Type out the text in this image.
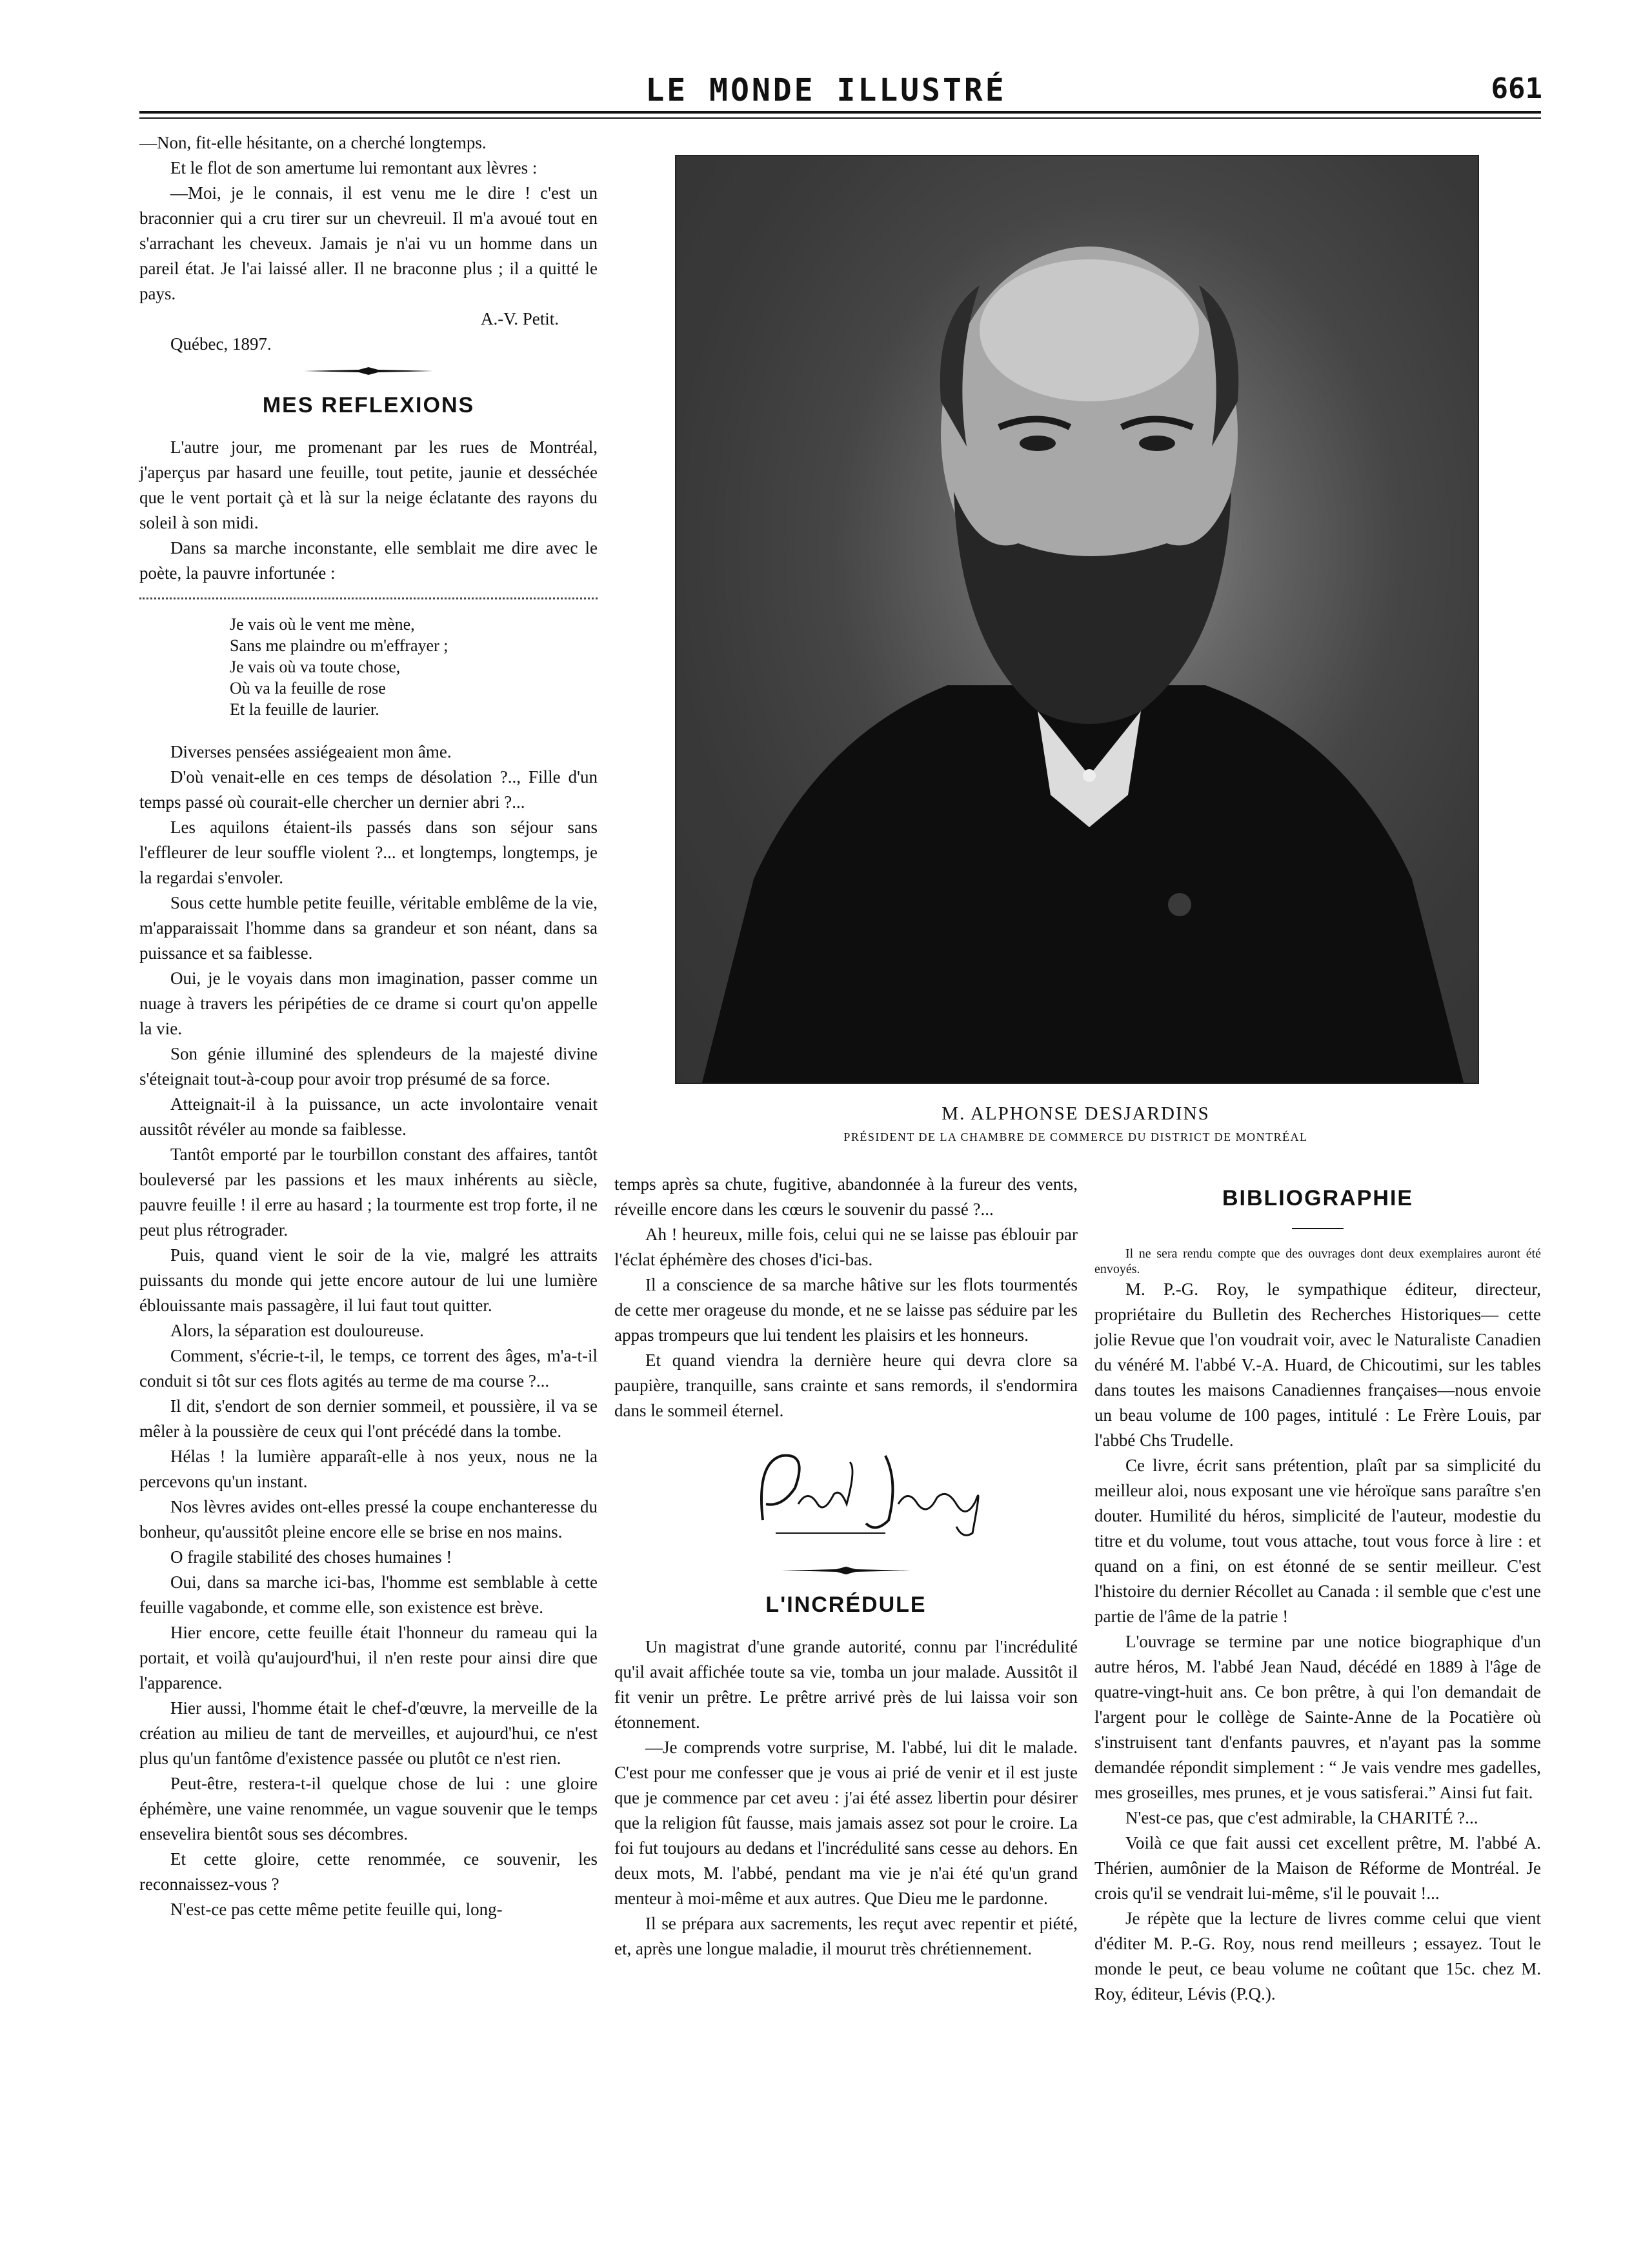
LE MONDE ILLUSTRÉ	661

—Non, fit-elle hésitante, on a cherché longtemps.

Et le flot de son amertume lui remontant aux lèvres :

—Moi, je le connais, il est venu me le dire ! c'est un braconnier qui a cru tirer sur un chevreuil. Il m'a avoué tout en s'arrachant les cheveux. Jamais je n'ai vu un homme dans un pareil état. Je l'ai laissé aller. Il ne braconne plus ; il a quitté le pays.

A.-V. Petit.

Québec, 1897.

MES REFLEXIONS

L'autre jour, me promenant par les rues de Montréal, j'aperçus par hasard une feuille, tout petite, jaunie et desséchée que le vent portait çà et là sur la neige éclatante des rayons du soleil à son midi.

Dans sa marche inconstante, elle semblait me dire avec le poète, la pauvre infortunée :

Je vais où le vent me mène,
Sans me plaindre ou m'effrayer ;
Je vais où va toute chose,
Où va la feuille de rose
Et la feuille de laurier.

Diverses pensées assiégeaient mon âme.

D'où venait-elle en ces temps de désolation ?.., Fille d'un temps passé où courait-elle chercher un dernier abri ?...

Les aquilons étaient-ils passés dans son séjour sans l'effleurer de leur souffle violent ?... et longtemps, longtemps, je la regardai s'envoler.

Sous cette humble petite feuille, véritable emblême de la vie, m'apparaissait l'homme dans sa grandeur et son néant, dans sa puissance et sa faiblesse.

Oui, je le voyais dans mon imagination, passer comme un nuage à travers les péripéties de ce drame si court qu'on appelle la vie.

Son génie illuminé des splendeurs de la majesté divine s'éteignait tout-à-coup pour avoir trop présumé de sa force.

Atteignait-il à la puissance, un acte involontaire venait aussitôt révéler au monde sa faiblesse.

Tantôt emporté par le tourbillon constant des affaires, tantôt bouleversé par les passions et les maux inhérents au siècle, pauvre feuille ! il erre au hasard ; la tourmente est trop forte, il ne peut plus rétrograder.

Puis, quand vient le soir de la vie, malgré les attraits puissants du monde qui jette encore autour de lui une lumière éblouissante mais passagère, il lui faut tout quitter.

Alors, la séparation est douloureuse.

Comment, s'écrie-t-il, le temps, ce torrent des âges, m'a-t-il conduit si tôt sur ces flots agités au terme de ma course ?...

Il dit, s'endort de son dernier sommeil, et poussière, il va se mêler à la poussière de ceux qui l'ont précédé dans la tombe.

Hélas ! la lumière apparaît-elle à nos yeux, nous ne la percevons qu'un instant.

Nos lèvres avides ont-elles pressé la coupe enchanteresse du bonheur, qu'aussitôt pleine encore elle se brise en nos mains.

O fragile stabilité des choses humaines !

Oui, dans sa marche ici-bas, l'homme est semblable à cette feuille vagabonde, et comme elle, son existence est brève.

Hier encore, cette feuille était l'honneur du rameau qui la portait, et voilà qu'aujourd'hui, il n'en reste pour ainsi dire que l'apparence.

Hier aussi, l'homme était le chef-d'œuvre, la merveille de la création au milieu de tant de merveilles, et aujourd'hui, ce n'est plus qu'un fantôme d'existence passée ou plutôt ce n'est rien.

Peut-être, restera-t-il quelque chose de lui : une gloire éphémère, une vaine renommée, un vague souvenir que le temps ensevelira bientôt sous ses décombres.

Et cette gloire, cette renommée, ce souvenir, les reconnaissez-vous ?

N'est-ce pas cette même petite feuille qui, long-

M. ALPHONSE DESJARDINS
PRÉSIDENT DE LA CHAMBRE DE COMMERCE DU DISTRICT DE MONTRÉAL

temps après sa chute, fugitive, abandonnée à la fureur des vents, réveille encore dans les cœurs le souvenir du passé ?...

Ah ! heureux, mille fois, celui qui ne se laisse pas éblouir par l'éclat éphémère des choses d'ici-bas.

Il a conscience de sa marche hâtive sur les flots tourmentés de cette mer orageuse du monde, et ne se laisse pas séduire par les appas trompeurs que lui tendent les plaisirs et les honneurs.

Et quand viendra la dernière heure qui devra clore sa paupière, tranquille, sans crainte et sans remords, il s'endormira dans le sommeil éternel.

L'INCRÉDULE

Un magistrat d'une grande autorité, connu par l'incrédulité qu'il avait affichée toute sa vie, tomba un jour malade. Aussitôt il fit venir un prêtre. Le prêtre arrivé près de lui laissa voir son étonnement.

—Je comprends votre surprise, M. l'abbé, lui dit le malade. C'est pour me confesser que je vous ai prié de venir et il est juste que je commence par cet aveu : j'ai été assez libertin pour désirer que la religion fût fausse, mais jamais assez sot pour le croire. La foi fut toujours au dedans et l'incrédulité sans cesse au dehors. En deux mots, M. l'abbé, pendant ma vie je n'ai été qu'un grand menteur à moi-même et aux autres. Que Dieu me le pardonne.

Il se prépara aux sacrements, les reçut avec repentir et piété, et, après une longue maladie, il mourut très chrétiennement.

BIBLIOGRAPHIE

Il ne sera rendu compte que des ouvrages dont deux exemplaires auront été envoyés.

M. P.-G. Roy, le sympathique éditeur, directeur, propriétaire du Bulletin des Recherches Historiques— cette jolie Revue que l'on voudrait voir, avec le Naturaliste Canadien du vénéré M. l'abbé V.-A. Huard, de Chicoutimi, sur les tables dans toutes les maisons Canadiennes françaises—nous envoie un beau volume de 100 pages, intitulé : Le Frère Louis, par l'abbé Chs Trudelle.

Ce livre, écrit sans prétention, plaît par sa simplicité du meilleur aloi, nous exposant une vie héroïque sans paraître s'en douter. Humilité du héros, simplicité de l'auteur, modestie du titre et du volume, tout vous attache, tout vous force à lire : et quand on a fini, on est étonné de se sentir meilleur. C'est l'histoire du dernier Récollet au Canada : il semble que c'est une partie de l'âme de la patrie !

L'ouvrage se termine par une notice biographique d'un autre héros, M. l'abbé Jean Naud, décédé en 1889 à l'âge de quatre-vingt-huit ans. Ce bon prêtre, à qui l'on demandait de l'argent pour le collège de Sainte-Anne de la Pocatière où s'instruisent tant d'enfants pauvres, et n'ayant pas la somme demandée répondit simplement : “ Je vais vendre mes gadelles, mes groseilles, mes prunes, et je vous satisferai.” Ainsi fut fait.

N'est-ce pas, que c'est admirable, la CHARITÉ ?...

Voilà ce que fait aussi cet excellent prêtre, M. l'abbé A. Thérien, aumônier de la Maison de Réforme de Montréal. Je crois qu'il se vendrait lui-même, s'il le pouvait !...

Je répète que la lecture de livres comme celui que vient d'éditer M. P.-G. Roy, nous rend meilleurs ; essayez. Tout le monde le peut, ce beau volume ne coûtant que 15c. chez M. Roy, éditeur, Lévis (P.Q.).
